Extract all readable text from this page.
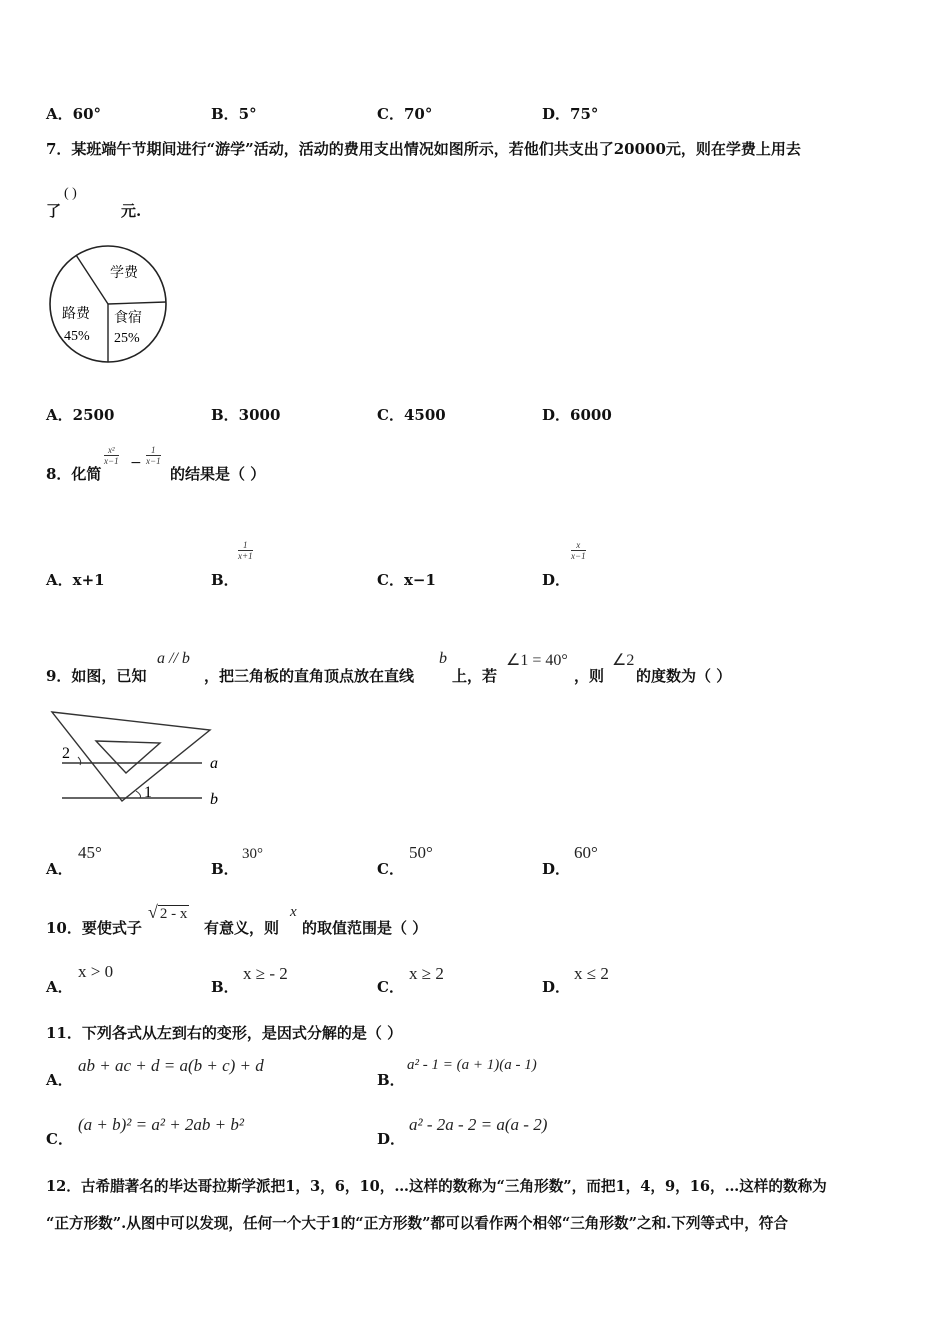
A．60°	B．5°	C．70°	D．75°
7．某班端午节期间进行“游学”活动，活动的费用支出情况如图所示，若他们共支出了20000元，则在学费上用去
了
( )
元.
学费
路费
45%
食宿
25%
A．2500	B．3000	C．4500	D．6000
8．化简
x²
x−1 −
1
x−1
的结果是（ ）
A．x+1	B．
1
x+1
C．x−1	D．
x
x−1
9．如图，已知
a // b
，把三角板的直角顶点放在直线
b
上，若
∠1 = 40°
，则
∠2
的度数为（ ）
2
1
a
b
A．
45°
B．
30°
C．
50°
D．
60°
10．要使式子
√ 2 - x
有意义，则
x
的取值范围是（ ）
A．
x > 0
B．
x ≥ - 2
C．
x ≥ 2
D．
x ≤ 2
11．下列各式从左到右的变形，是因式分解的是（ ）
A．
ab + ac + d = a(b + c) + d
B．
a² - 1 = (a + 1)(a - 1)
C．
(a + b)² = a² + 2ab + b²
D．
a² - 2a - 2 = a(a - 2)
12．古希腊著名的毕达哥拉斯学派把1，3，6，10，…这样的数称为“三角形数”，而把1，4，9，16，…这样的数称为
“正方形数”.从图中可以发现，任何一个大于1的“正方形数”都可以看作两个相邻“三角形数”之和.下列等式中，符合
